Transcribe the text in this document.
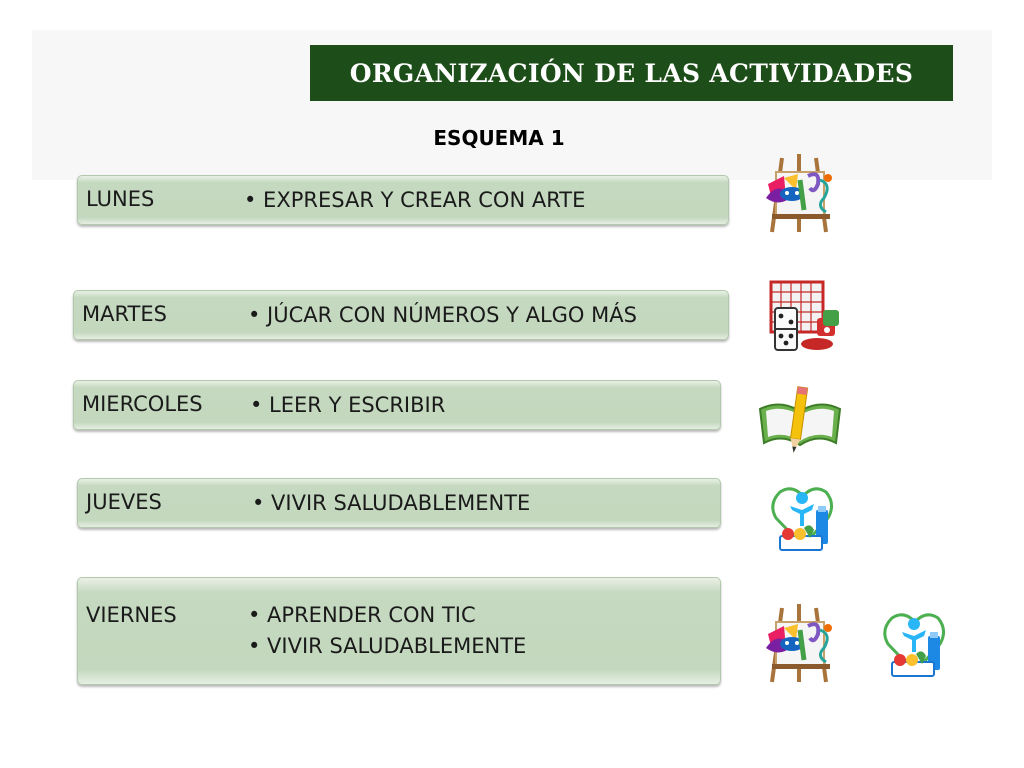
ORGANIZACIÓN DE LAS ACTIVIDADES
ESQUEMA 1
LUNES	• EXPRESAR Y CREAR CON ARTE
MARTES	• JÚCAR CON NÚMEROS Y ALGO MÁS
MIERCOLES • LEER Y ESCRIBIR
JUEVES	• VIVIR SALUDABLEMENTE
VIERNES	• APRENDER CON TIC
• VIVIR SALUDABLEMENTE
